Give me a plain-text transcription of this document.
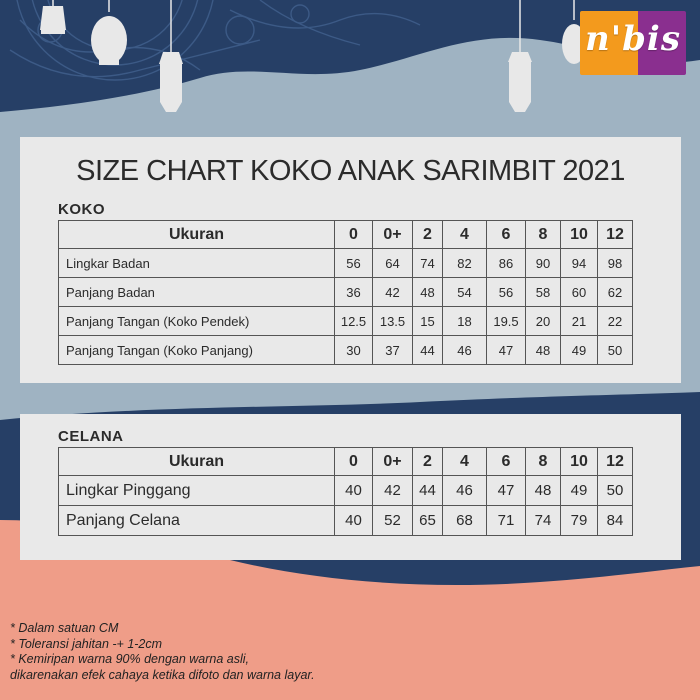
n'bis
SIZE CHART KOKO ANAK SARIMBIT 2021
KOKO
Ukuran	0	0+	2	4	6	8	10	12
Lingkar Badan	56	64	74	82	86	90	94	98
Panjang Badan	36	42	48	54	56	58	60	62
Panjang Tangan (Koko Pendek)	12.5	13.5	15	18	19.5	20	21	22
Panjang Tangan (Koko Panjang)	30	37	44	46	47	48	49	50
CELANA
Ukuran	0	0+	2	4	6	8	10	12
Lingkar Pinggang	40	42	44	46	47	48	49	50
Panjang Celana	40	52	65	68	71	74	79	84
* Dalam satuan CM
* Toleransi jahitan -+ 1-2cm
* Kemiripan warna 90% dengan warna asli,
dikarenakan efek cahaya ketika difoto dan warna layar.
